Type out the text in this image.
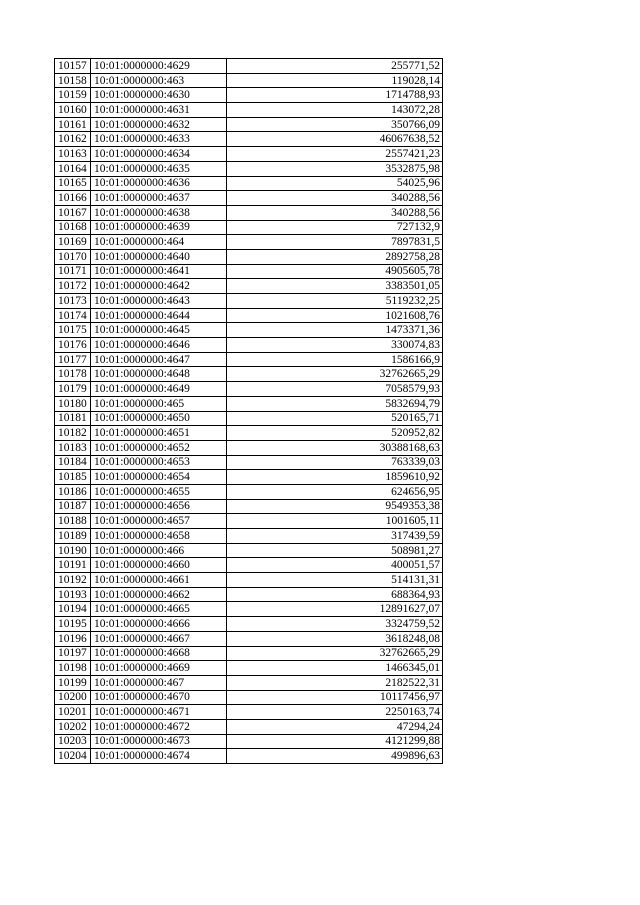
10157	10:01:0000000:4629	255771,52
10158	10:01:0000000:463	119028,14
10159	10:01:0000000:4630	1714788,93
10160	10:01:0000000:4631	143072,28
10161	10:01:0000000:4632	350766,09
10162	10:01:0000000:4633	46067638,52
10163	10:01:0000000:4634	2557421,23
10164	10:01:0000000:4635	3532875,98
10165	10:01:0000000:4636	54025,96
10166	10:01:0000000:4637	340288,56
10167	10:01:0000000:4638	340288,56
10168	10:01:0000000:4639	727132,9
10169	10:01:0000000:464	7897831,5
10170	10:01:0000000:4640	2892758,28
10171	10:01:0000000:4641	4905605,78
10172	10:01:0000000:4642	3383501,05
10173	10:01:0000000:4643	5119232,25
10174	10:01:0000000:4644	1021608,76
10175	10:01:0000000:4645	1473371,36
10176	10:01:0000000:4646	330074,83
10177	10:01:0000000:4647	1586166,9
10178	10:01:0000000:4648	32762665,29
10179	10:01:0000000:4649	7058579,93
10180	10:01:0000000:465	5832694,79
10181	10:01:0000000:4650	520165,71
10182	10:01:0000000:4651	520952,82
10183	10:01:0000000:4652	30388168,63
10184	10:01:0000000:4653	763339,03
10185	10:01:0000000:4654	1859610,92
10186	10:01:0000000:4655	624656,95
10187	10:01:0000000:4656	9549353,38
10188	10:01:0000000:4657	1001605,11
10189	10:01:0000000:4658	317439,59
10190	10:01:0000000:466	508981,27
10191	10:01:0000000:4660	400051,57
10192	10:01:0000000:4661	514131,31
10193	10:01:0000000:4662	688364,93
10194	10:01:0000000:4665	12891627,07
10195	10:01:0000000:4666	3324759,52
10196	10:01:0000000:4667	3618248,08
10197	10:01:0000000:4668	32762665,29
10198	10:01:0000000:4669	1466345,01
10199	10:01:0000000:467	2182522,31
10200	10:01:0000000:4670	10117456,97
10201	10:01:0000000:4671	2250163,74
10202	10:01:0000000:4672	47294,24
10203	10:01:0000000:4673	4121299,88
10204	10:01:0000000:4674	499896,63
